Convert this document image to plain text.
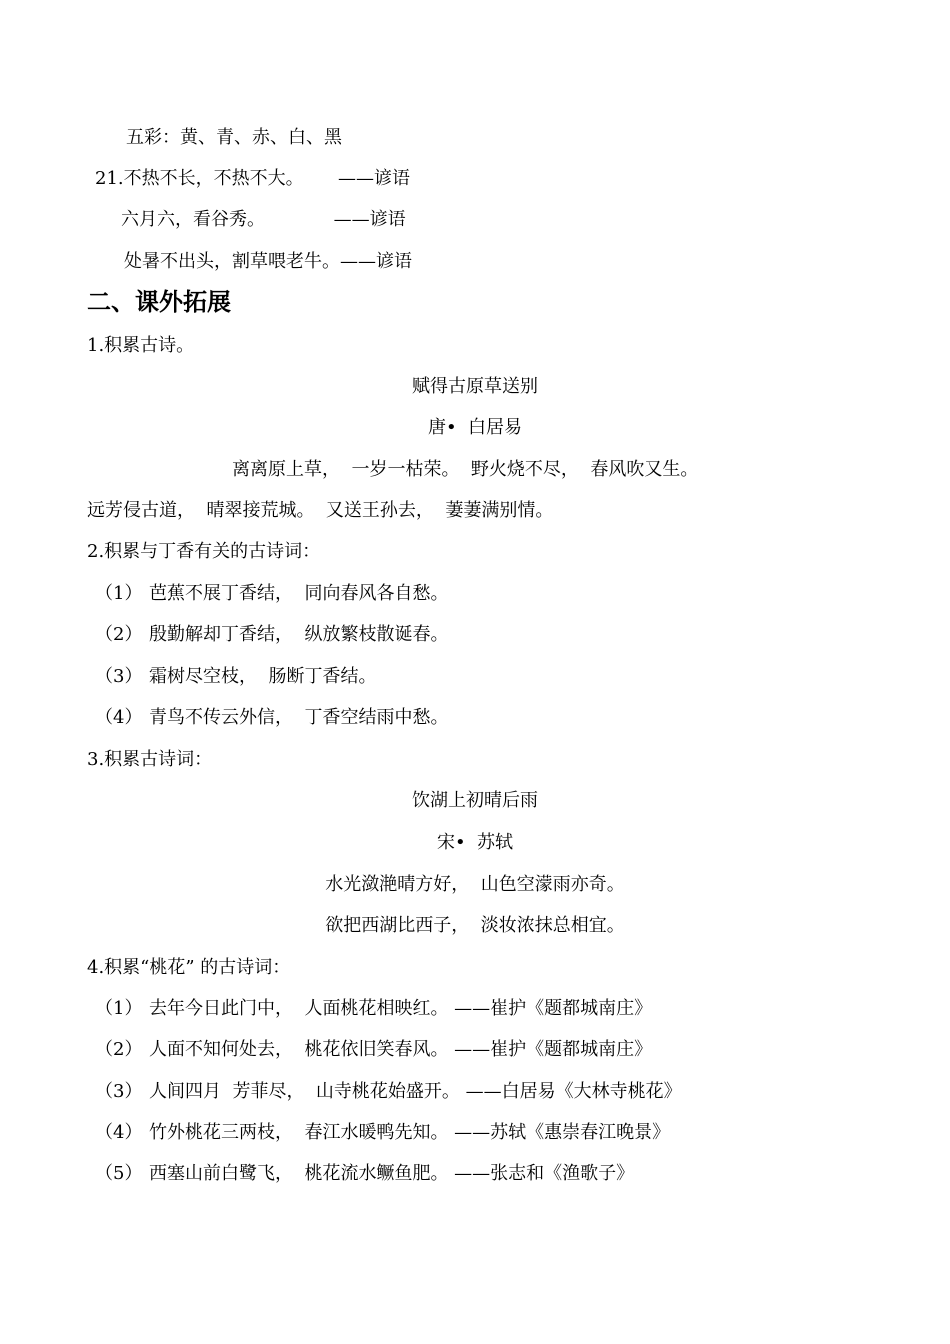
五彩：黄、青、赤、白、黑
21.不热不长，不热不大。      ——谚语
六月六，看谷秀。            ——谚语
处暑不出头，割草喂老牛。——谚语
二、课外拓展
1.积累古诗。
赋得古原草送别
唐•  白居易
离离原上草，  一岁一枯荣。  野火烧不尽，  春风吹又生。
远芳侵古道，  晴翠接荒城。  又送王孙去，  萋萋满别情。
2.积累与丁香有关的古诗词：
（1） 芭蕉不展丁香结，  同向春风各自愁。
（2） 殷勤解却丁香结，  纵放繁枝散诞春。
（3） 霜树尽空枝，  肠断丁香结。
（4） 青鸟不传云外信，  丁香空结雨中愁。
3.积累古诗词：
饮湖上初晴后雨
宋•  苏轼
水光潋滟晴方好，  山色空濛雨亦奇。
欲把西湖比西子，  淡妆浓抹总相宜。
4.积累“桃花” 的古诗词：
（1） 去年今日此门中，  人面桃花相映红。 ——崔护《题都城南庄》
（2） 人面不知何处去，  桃花依旧笑春风。 ——崔护《题都城南庄》
（3） 人间四月  芳菲尽，  山寺桃花始盛开。 ——白居易《大林寺桃花》
（4） 竹外桃花三两枝，  春江水暖鸭先知。 ——苏轼《惠崇春江晚景》
（5） 西塞山前白鹭飞，  桃花流水鳜鱼肥。 ——张志和《渔歌子》
